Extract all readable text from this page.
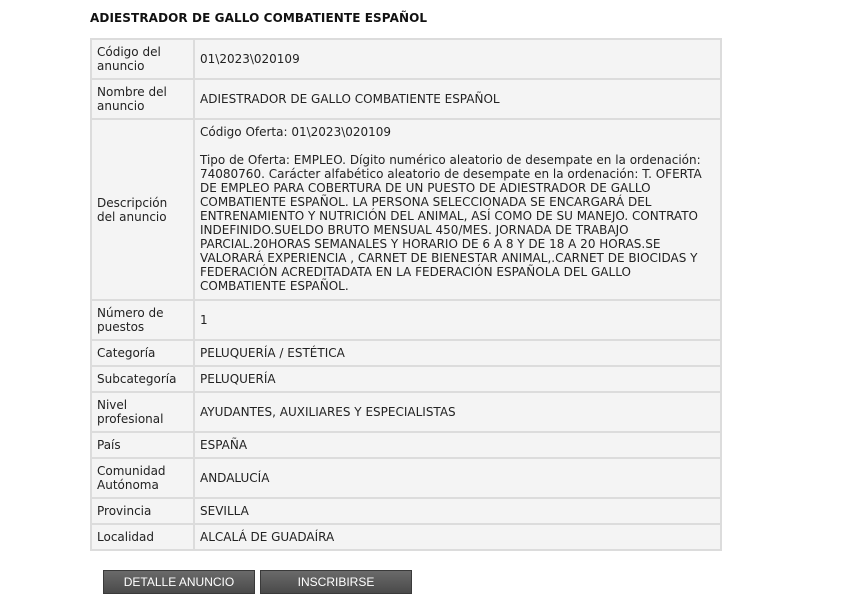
ADIESTRADOR DE GALLO COMBATIENTE ESPAÑOL
Código del anuncio	01\2023\020109
Nombre del anuncio	ADIESTRADOR DE GALLO COMBATIENTE ESPAÑOL
Descripción del anuncio	Código Oferta: 01\2023\020109

Tipo de Oferta: EMPLEO. Dígito numérico aleatorio de desempate en la ordenación: 74080760. Carácter alfabético aleatorio de desempate en la ordenación: T. OFERTA DE EMPLEO PARA COBERTURA DE UN PUESTO DE ADIESTRADOR DE GALLO COMBATIENTE ESPAÑOL. LA PERSONA SELECCIONADA SE ENCARGARÁ DEL ENTRENAMIENTO Y NUTRICIÓN DEL ANIMAL, ASÍ COMO DE SU MANEJO. CONTRATO INDEFINIDO.SUELDO BRUTO MENSUAL 450/MES. JORNADA DE TRABAJO PARCIAL.20HORAS SEMANALES Y HORARIO DE 6 A 8 Y DE 18 A 20 HORAS.SE VALORARÁ EXPERIENCIA , CARNET DE BIENESTAR ANIMAL,.CARNET DE BIOCIDAS Y FEDERACIÓN ACREDITADATA EN LA FEDERACIÓN ESPAÑOLA DEL GALLO COMBATIENTE ESPAÑOL.
Número de puestos	1
Categoría	PELUQUERÍA / ESTÉTICA
Subcategoría	PELUQUERÍA
Nivel profesional	AYUDANTES, AUXILIARES Y ESPECIALISTAS
País	ESPAÑA
Comunidad Autónoma	ANDALUCÍA
Provincia	SEVILLA
Localidad	ALCALÁ DE GUADAÍRA
DETALLE ANUNCIO	INSCRIBIRSE
